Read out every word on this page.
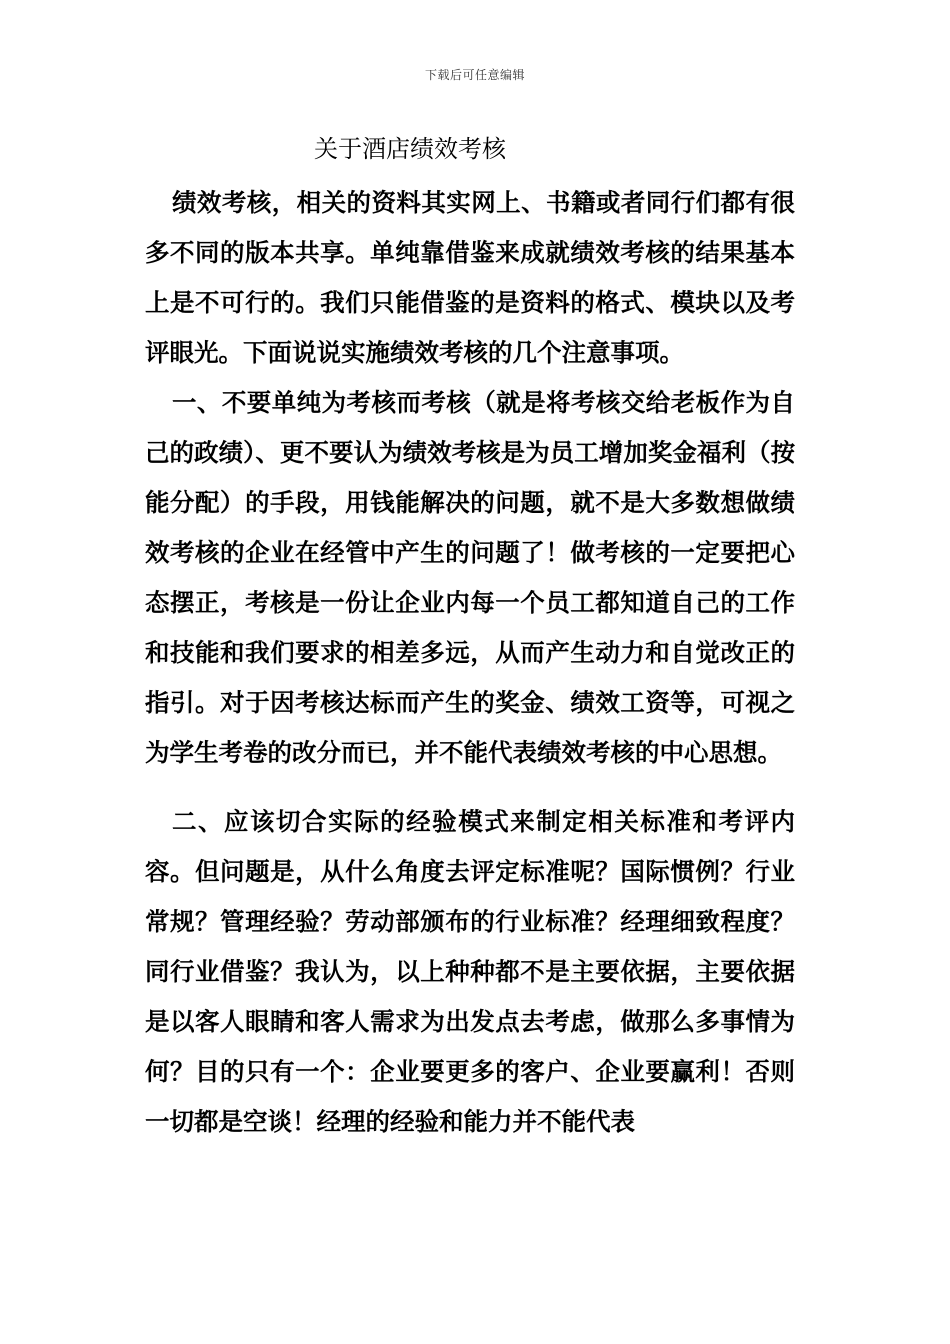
下载后可任意编辑
关于酒店绩效考核

绩效考核，相关的资料其实网上、书籍或者同行们都有很多不同的版本共享。单纯靠借鉴来成就绩效考核的结果基本上是不可行的。我们只能借鉴的是资料的格式、模块以及考评眼光。下面说说实施绩效考核的几个注意事项。

一、不要单纯为考核而考核（就是将考核交给老板作为自己的政绩）、更不要认为绩效考核是为员工增加奖金福利（按能分配）的手段，用钱能解决的问题，就不是大多数想做绩效考核的企业在经管中产生的问题了！做考核的一定要把心态摆正，考核是一份让企业内每一个员工都知道自己的工作和技能和我们要求的相差多远，从而产生动力和自觉改正的指引。对于因考核达标而产生的奖金、绩效工资等，可视之为学生考卷的改分而已，并不能代表绩效考核的中心思想。

二、应该切合实际的经验模式来制定相关标准和考评内容。但问题是，从什么角度去评定标准呢？国际惯例？行业常规？管理经验？劳动部颁布的行业标准？经理细致程度？同行业借鉴？我认为，以上种种都不是主要依据，主要依据是以客人眼睛和客人需求为出发点去考虑，做那么多事情为何？目的只有一个：企业要更多的客户、企业要赢利！否则一切都是空谈！经理的经验和能力并不能代表
